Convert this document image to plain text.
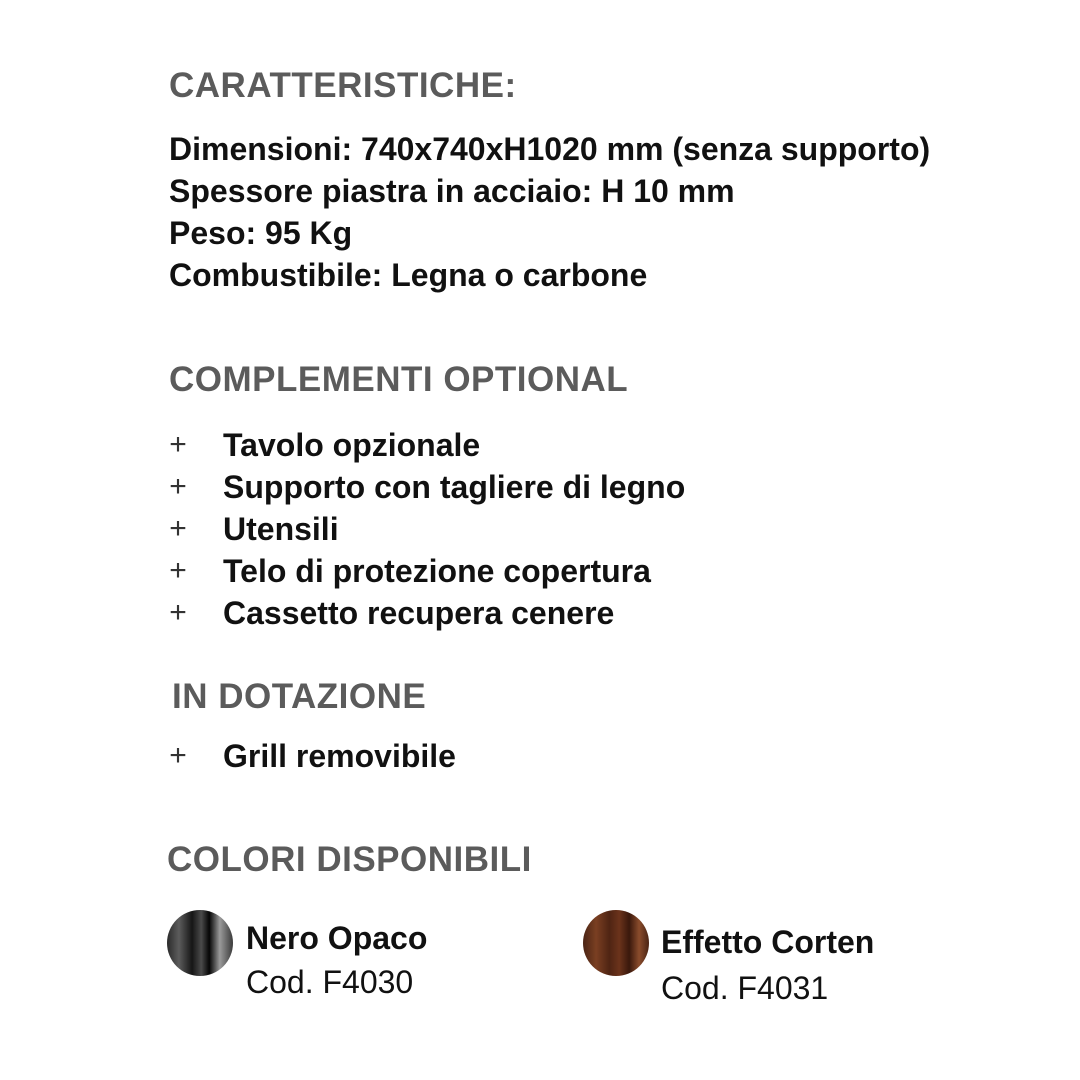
CARATTERISTICHE:
Dimensioni: 740x740xH1020 mm (senza supporto)
Spessore piastra in acciaio: H 10 mm
Peso: 95 Kg
Combustibile: Legna o carbone
COMPLEMENTI OPTIONAL
+ Tavolo opzionale
+ Supporto con tagliere di legno
+ Utensili
+ Telo di protezione copertura
+ Cassetto recupera cenere
IN DOTAZIONE
+ Grill removibile
COLORI DISPONIBILI
Nero Opaco
Cod. F4030
Effetto Corten
Cod. F4031
